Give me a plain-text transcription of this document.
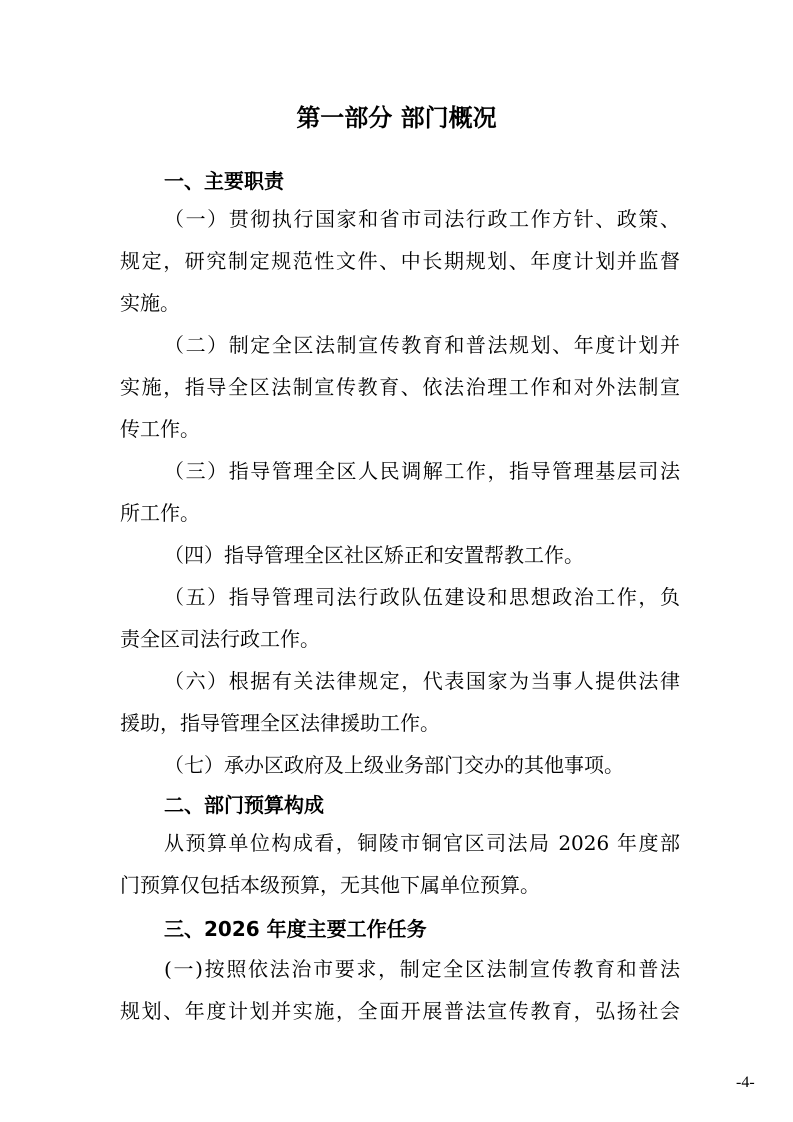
第一部分 部门概况
一、主要职责
（一）贯彻执行国家和省市司法行政工作方针、政策、
规定，研究制定规范性文件、中长期规划、年度计划并监督
实施。
（二）制定全区法制宣传教育和普法规划、年度计划并
实施，指导全区法制宣传教育、依法治理工作和对外法制宣
传工作。
（三）指导管理全区人民调解工作，指导管理基层司法
所工作。
（四）指导管理全区社区矫正和安置帮教工作。
（五）指导管理司法行政队伍建设和思想政治工作，负
责全区司法行政工作。
（六）根据有关法律规定，代表国家为当事人提供法律
援助，指导管理全区法律援助工作。
（七）承办区政府及上级业务部门交办的其他事项。
二、部门预算构成
从预算单位构成看，铜陵市铜官区司法局 2026 年度部
门预算仅包括本级预算，无其他下属单位预算。
三、2026 年度主要工作任务
(一)按照依法治市要求，制定全区法制宣传教育和普法
规划、年度计划并实施，全面开展普法宣传教育，弘扬社会
-4-
